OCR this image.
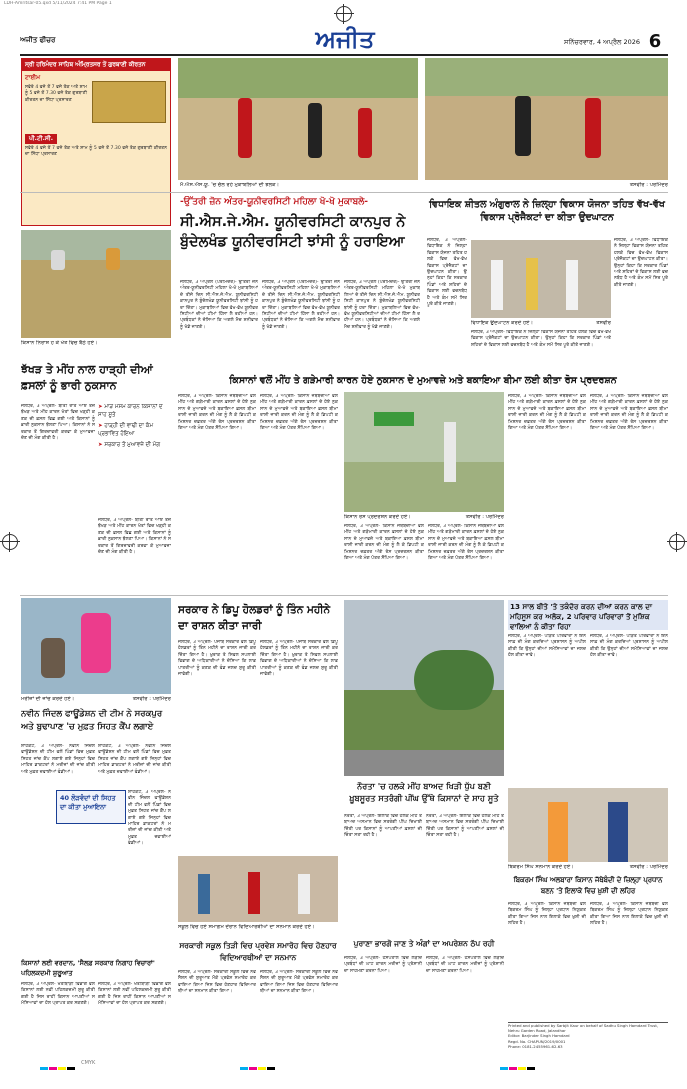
LDH-Amritsar-05.qxd 5/11/2024 7:41 PM Page 1
ਅਜੀਤ ਫੀਚਰ	ਅਜੀਤ	ਸਨਿੱਚਰਵਾਰ, 4 ਅਪ੍ਰੈਲ 2026 6
ਸ੍ਰੀ ਹਰਿਮੰਦਰ ਸਾਹਿਬ ਅੰਮ੍ਰਿਤਸਰ ਤੋਂ ਗੁਰਬਾਣੀ ਕੀਰਤਨ
ਟਾਈਮ
ਸਵੇਰੇ 4 ਵਜੇ ਤੋਂ 7 ਵਜੇ ਤੱਕ ਅਤੇ ਸ਼ਾਮ ਨੂੰ 5 ਵਜੇ ਤੋਂ 7.30 ਵਜੇ ਤੱਕ ਗੁਰਬਾਣੀ ਕੀਰਤਨ ਦਾ ਸਿੱਧਾ ਪ੍ਰਸਾਰਣ
ਪੀ.ਟੀ.ਸੀ.
ਸਵੇਰੇ 4 ਵਜੇ ਤੋਂ 7 ਵਜੇ ਤੱਕ ਅਤੇ ਸ਼ਾਮ ਨੂੰ 5 ਵਜੇ ਤੋਂ 7.30 ਵਜੇ ਤੱਕ ਗੁਰਬਾਣੀ ਕੀਰਤਨ ਦਾ ਸਿੱਧਾ ਪ੍ਰਸਾਰਣ
ਮੈ.ਐਸ.ਐਸ.ਯੂ. 'ਚ ਚੱਲ ਰਹੇ ਮੁਕਾਬਲਿਆਂ ਦੀ ਝਲਕ।	ਤਸਵੀਰ : ਪਰਮਿੰਦਰ
-ਉੱਤਰੀ ਜ਼ੋਨ ਅੰਤਰ-ਯੂਨੀਵਰਸਿਟੀ ਮਹਿਲਾ ਖੋ-ਖੋ ਮੁਕਾਬਲੇ-
ਸੀ.ਐਸ.ਜੇ.ਐਮ. ਯੂਨੀਵਰਸਿਟੀ ਕਾਨਪੁਰ ਨੇ ਬੁੰਦੇਲਖੰਡ ਯੂਨੀਵਰਸਿਟੀ ਝਾਂਸੀ ਨੂੰ ਹਰਾਇਆ
ਜਲੰਧਰ, 3 ਅਪ੍ਰੈਲ (ਪਰਮਿੰਦਰ)- ਉੱਤਰੀ ਜ਼ੋਨ ਅੰਤਰ-ਯੂਨੀਵਰਸਿਟੀ ਮਹਿਲਾ ਖੋ-ਖੋ ਮੁਕਾਬਲਿਆਂ ਦੇ ਤੀਜੇ ਦਿਨ ਸੀ.ਐਸ.ਜੇ.ਐਮ. ਯੂਨੀਵਰਸਿਟੀ ਕਾਨਪੁਰ ਨੇ ਬੁੰਦੇਲਖੰਡ ਯੂਨੀਵਰਸਿਟੀ ਝਾਂਸੀ ਨੂੰ ਹਰਾ ਦਿੱਤਾ। ਮੁਕਾਬਲਿਆਂ ਵਿਚ ਵੱਖ-ਵੱਖ ਯੂਨੀਵਰਸਿਟੀਆਂ ਦੀਆਂ ਟੀਮਾਂ ਹਿੱਸਾ ਲੈ ਰਹੀਆਂ ਹਨ। ਪ੍ਰਬੰਧਕਾਂ ਨੇ ਦੱਸਿਆ ਕਿ ਅਗਲੇ ਮੈਚ ਸ਼ਨੀਵਾਰ ਨੂੰ ਖੇਡੇ ਜਾਣਗੇ।
ਜਲੰਧਰ, 3 ਅਪ੍ਰੈਲ (ਪਰਮਿੰਦਰ)- ਉੱਤਰੀ ਜ਼ੋਨ ਅੰਤਰ-ਯੂਨੀਵਰਸਿਟੀ ਮਹਿਲਾ ਖੋ-ਖੋ ਮੁਕਾਬਲਿਆਂ ਦੇ ਤੀਜੇ ਦਿਨ ਸੀ.ਐਸ.ਜੇ.ਐਮ. ਯੂਨੀਵਰਸਿਟੀ ਕਾਨਪੁਰ ਨੇ ਬੁੰਦੇਲਖੰਡ ਯੂਨੀਵਰਸਿਟੀ ਝਾਂਸੀ ਨੂੰ ਹਰਾ ਦਿੱਤਾ। ਮੁਕਾਬਲਿਆਂ ਵਿਚ ਵੱਖ-ਵੱਖ ਯੂਨੀਵਰਸਿਟੀਆਂ ਦੀਆਂ ਟੀਮਾਂ ਹਿੱਸਾ ਲੈ ਰਹੀਆਂ ਹਨ। ਪ੍ਰਬੰਧਕਾਂ ਨੇ ਦੱਸਿਆ ਕਿ ਅਗਲੇ ਮੈਚ ਸ਼ਨੀਵਾਰ ਨੂੰ ਖੇਡੇ ਜਾਣਗੇ।
ਜਲੰਧਰ, 3 ਅਪ੍ਰੈਲ (ਪਰਮਿੰਦਰ)- ਉੱਤਰੀ ਜ਼ੋਨ ਅੰਤਰ-ਯੂਨੀਵਰਸਿਟੀ ਮਹਿਲਾ ਖੋ-ਖੋ ਮੁਕਾਬਲਿਆਂ ਦੇ ਤੀਜੇ ਦਿਨ ਸੀ.ਐਸ.ਜੇ.ਐਮ. ਯੂਨੀਵਰਸਿਟੀ ਕਾਨਪੁਰ ਨੇ ਬੁੰਦੇਲਖੰਡ ਯੂਨੀਵਰਸਿਟੀ ਝਾਂਸੀ ਨੂੰ ਹਰਾ ਦਿੱਤਾ। ਮੁਕਾਬਲਿਆਂ ਵਿਚ ਵੱਖ-ਵੱਖ ਯੂਨੀਵਰਸਿਟੀਆਂ ਦੀਆਂ ਟੀਮਾਂ ਹਿੱਸਾ ਲੈ ਰਹੀਆਂ ਹਨ। ਪ੍ਰਬੰਧਕਾਂ ਨੇ ਦੱਸਿਆ ਕਿ ਅਗਲੇ ਮੈਚ ਸ਼ਨੀਵਾਰ ਨੂੰ ਖੇਡੇ ਜਾਣਗੇ।
ਵਿਧਾਇਕ ਸ਼ੀਤਲ ਅੰਗੁਰਾਲ ਨੇ ਜ਼ਿਲ੍ਹਾ ਵਿਕਾਸ ਯੋਜਨਾ ਤਹਿਤ ਵੱਖ-ਵੱਖ ਵਿਕਾਸ ਪ੍ਰੋਜੈਕਟਾਂ ਦਾ ਕੀਤਾ ਉਦਘਾਟਨ
ਜਲੰਧਰ, 3 ਅਪ੍ਰੈਲ- ਵਿਧਾਇਕ ਨੇ ਜ਼ਿਲ੍ਹਾ ਵਿਕਾਸ ਯੋਜਨਾ ਤਹਿਤ ਹਲਕੇ ਵਿਚ ਵੱਖ-ਵੱਖ ਵਿਕਾਸ ਪ੍ਰੋਜੈਕਟਾਂ ਦਾ ਉਦਘਾਟਨ ਕੀਤਾ। ਉਨ੍ਹਾਂ ਕਿਹਾ ਕਿ ਸਰਕਾਰ ਪਿੰਡਾਂ ਅਤੇ ਸ਼ਹਿਰਾਂ ਦੇ ਵਿਕਾਸ ਲਈ ਵਚਨਬੱਧ ਹੈ ਅਤੇ ਕੰਮ ਸਮੇਂ ਸਿਰ ਪੂਰੇ ਕੀਤੇ ਜਾਣਗੇ।
ਜਲੰਧਰ, 3 ਅਪ੍ਰੈਲ- ਵਿਧਾਇਕ ਨੇ ਜ਼ਿਲ੍ਹਾ ਵਿਕਾਸ ਯੋਜਨਾ ਤਹਿਤ ਹਲਕੇ ਵਿਚ ਵੱਖ-ਵੱਖ ਵਿਕਾਸ ਪ੍ਰੋਜੈਕਟਾਂ ਦਾ ਉਦਘਾਟਨ ਕੀਤਾ। ਉਨ੍ਹਾਂ ਕਿਹਾ ਕਿ ਸਰਕਾਰ ਪਿੰਡਾਂ ਅਤੇ ਸ਼ਹਿਰਾਂ ਦੇ ਵਿਕਾਸ ਲਈ ਵਚਨਬੱਧ ਹੈ ਅਤੇ ਕੰਮ ਸਮੇਂ ਸਿਰ ਪੂਰੇ ਕੀਤੇ ਜਾਣਗੇ।
ਵਿਧਾਇਕ ਉਦਘਾਟਨ ਕਰਦੇ ਹੋਏ।	ਤਸਵੀਰ
ਜਲੰਧਰ, 3 ਅਪ੍ਰੈਲ- ਵਿਧਾਇਕ ਨੇ ਜ਼ਿਲ੍ਹਾ ਵਿਕਾਸ ਯੋਜਨਾ ਤਹਿਤ ਹਲਕੇ ਵਿਚ ਵੱਖ-ਵੱਖ ਵਿਕਾਸ ਪ੍ਰੋਜੈਕਟਾਂ ਦਾ ਉਦਘਾਟਨ ਕੀਤਾ। ਉਨ੍ਹਾਂ ਕਿਹਾ ਕਿ ਸਰਕਾਰ ਪਿੰਡਾਂ ਅਤੇ ਸ਼ਹਿਰਾਂ ਦੇ ਵਿਕਾਸ ਲਈ ਵਚਨਬੱਧ ਹੈ ਅਤੇ ਕੰਮ ਸਮੇਂ ਸਿਰ ਪੂਰੇ ਕੀਤੇ ਜਾਣਗੇ।
ਕਿਸਾਨ ਨਿਰਾਸ਼ ਹੋ ਕੇ ਖੇਤ ਵਿਚ ਬੈਠੇ ਹੋਏ।
ਝੱਖੜ ਤੇ ਮੀਂਹ ਨਾਲ ਹਾੜ੍ਹੀ ਦੀਆਂ ਫ਼ਸਲਾਂ ਨੂੰ ਭਾਰੀ ਨੁਕਸਾਨ
ਜਲੰਧਰ, 3 ਅਪ੍ਰੈਲ- ਬੀਤੀ ਰਾਤ ਆਏ ਤੇਜ਼ ਝੱਖੜ ਅਤੇ ਮੀਂਹ ਕਾਰਨ ਖੇਤਾਂ ਵਿਚ ਖੜ੍ਹੀ ਕਣਕ ਦੀ ਫ਼ਸਲ ਵਿਛ ਗਈ ਅਤੇ ਕਿਸਾਨਾਂ ਨੂੰ ਭਾਰੀ ਨੁਕਸਾਨ ਝੱਲਣਾ ਪਿਆ। ਕਿਸਾਨਾਂ ਨੇ ਸਰਕਾਰ ਤੋਂ ਗਿਰਦਾਵਰੀ ਕਰਵਾ ਕੇ ਮੁਆਵਜ਼ਾ ਦੇਣ ਦੀ ਮੰਗ ਕੀਤੀ ਹੈ।
➤ ਮਾੜੇ ਮੌਸਮ ਕਾਰਨ ਕਿਸਾਨਾਂ ਦੇ ਸਾਹ ਸੂਤੇ
➤ ਹਾੜ੍ਹੀ ਦੀ ਵਾਢੀ ਦਾ ਕੰਮ ਪ੍ਰਭਾਵਿਤ ਹੋਇਆ
➤ ਸਰਕਾਰ ਤੋਂ ਮੁਆਵਜ਼ੇ ਦੀ ਮੰਗ
ਜਲੰਧਰ, 3 ਅਪ੍ਰੈਲ- ਬੀਤੀ ਰਾਤ ਆਏ ਤੇਜ਼ ਝੱਖੜ ਅਤੇ ਮੀਂਹ ਕਾਰਨ ਖੇਤਾਂ ਵਿਚ ਖੜ੍ਹੀ ਕਣਕ ਦੀ ਫ਼ਸਲ ਵਿਛ ਗਈ ਅਤੇ ਕਿਸਾਨਾਂ ਨੂੰ ਭਾਰੀ ਨੁਕਸਾਨ ਝੱਲਣਾ ਪਿਆ। ਕਿਸਾਨਾਂ ਨੇ ਸਰਕਾਰ ਤੋਂ ਗਿਰਦਾਵਰੀ ਕਰਵਾ ਕੇ ਮੁਆਵਜ਼ਾ ਦੇਣ ਦੀ ਮੰਗ ਕੀਤੀ ਹੈ।
ਕਿਸਾਨਾਂ ਵਲੋਂ ਮੀਂਹ ਤੇ ਗੜੇਮਾਰੀ ਕਾਰਨ ਹੋਏ ਨੁਕਸਾਨ ਦੇ ਮੁਆਵਜ਼ੇ ਅਤੇ ਬਕਾਇਆ ਬੀਮਾ ਲਈ ਕੀਤਾ ਰੋਸ ਪ੍ਰਦਰਸ਼ਨ
ਜਲੰਧਰ, 3 ਅਪ੍ਰੈਲ- ਕਿਸਾਨ ਜਥੇਬੰਦੀਆਂ ਵਲੋਂ ਮੀਂਹ ਅਤੇ ਗੜੇਮਾਰੀ ਕਾਰਨ ਫ਼ਸਲਾਂ ਦੇ ਹੋਏ ਨੁਕਸਾਨ ਦੇ ਮੁਆਵਜ਼ੇ ਅਤੇ ਬਕਾਇਆ ਫ਼ਸਲ ਬੀਮਾ ਰਾਸ਼ੀ ਜਾਰੀ ਕਰਨ ਦੀ ਮੰਗ ਨੂੰ ਲੈ ਕੇ ਡਿਪਟੀ ਕਮਿਸ਼ਨਰ ਦਫ਼ਤਰ ਅੱਗੇ ਰੋਸ ਪ੍ਰਦਰਸ਼ਨ ਕੀਤਾ ਗਿਆ ਅਤੇ ਮੰਗ ਪੱਤਰ ਸੌਂਪਿਆ ਗਿਆ।
ਜਲੰਧਰ, 3 ਅਪ੍ਰੈਲ- ਕਿਸਾਨ ਜਥੇਬੰਦੀਆਂ ਵਲੋਂ ਮੀਂਹ ਅਤੇ ਗੜੇਮਾਰੀ ਕਾਰਨ ਫ਼ਸਲਾਂ ਦੇ ਹੋਏ ਨੁਕਸਾਨ ਦੇ ਮੁਆਵਜ਼ੇ ਅਤੇ ਬਕਾਇਆ ਫ਼ਸਲ ਬੀਮਾ ਰਾਸ਼ੀ ਜਾਰੀ ਕਰਨ ਦੀ ਮੰਗ ਨੂੰ ਲੈ ਕੇ ਡਿਪਟੀ ਕਮਿਸ਼ਨਰ ਦਫ਼ਤਰ ਅੱਗੇ ਰੋਸ ਪ੍ਰਦਰਸ਼ਨ ਕੀਤਾ ਗਿਆ ਅਤੇ ਮੰਗ ਪੱਤਰ ਸੌਂਪਿਆ ਗਿਆ।
ਕਿਸਾਨ ਰੋਸ ਪ੍ਰਦਰਸ਼ਨ ਕਰਦੇ ਹੋਏ।	ਤਸਵੀਰ : ਪਰਮਿੰਦਰ
ਜਲੰਧਰ, 3 ਅਪ੍ਰੈਲ- ਕਿਸਾਨ ਜਥੇਬੰਦੀਆਂ ਵਲੋਂ ਮੀਂਹ ਅਤੇ ਗੜੇਮਾਰੀ ਕਾਰਨ ਫ਼ਸਲਾਂ ਦੇ ਹੋਏ ਨੁਕਸਾਨ ਦੇ ਮੁਆਵਜ਼ੇ ਅਤੇ ਬਕਾਇਆ ਫ਼ਸਲ ਬੀਮਾ ਰਾਸ਼ੀ ਜਾਰੀ ਕਰਨ ਦੀ ਮੰਗ ਨੂੰ ਲੈ ਕੇ ਡਿਪਟੀ ਕਮਿਸ਼ਨਰ ਦਫ਼ਤਰ ਅੱਗੇ ਰੋਸ ਪ੍ਰਦਰਸ਼ਨ ਕੀਤਾ ਗਿਆ ਅਤੇ ਮੰਗ ਪੱਤਰ ਸੌਂਪਿਆ ਗਿਆ।
ਜਲੰਧਰ, 3 ਅਪ੍ਰੈਲ- ਕਿਸਾਨ ਜਥੇਬੰਦੀਆਂ ਵਲੋਂ ਮੀਂਹ ਅਤੇ ਗੜੇਮਾਰੀ ਕਾਰਨ ਫ਼ਸਲਾਂ ਦੇ ਹੋਏ ਨੁਕਸਾਨ ਦੇ ਮੁਆਵਜ਼ੇ ਅਤੇ ਬਕਾਇਆ ਫ਼ਸਲ ਬੀਮਾ ਰਾਸ਼ੀ ਜਾਰੀ ਕਰਨ ਦੀ ਮੰਗ ਨੂੰ ਲੈ ਕੇ ਡਿਪਟੀ ਕਮਿਸ਼ਨਰ ਦਫ਼ਤਰ ਅੱਗੇ ਰੋਸ ਪ੍ਰਦਰਸ਼ਨ ਕੀਤਾ ਗਿਆ ਅਤੇ ਮੰਗ ਪੱਤਰ ਸੌਂਪਿਆ ਗਿਆ।
ਜਲੰਧਰ, 3 ਅਪ੍ਰੈਲ- ਕਿਸਾਨ ਜਥੇਬੰਦੀਆਂ ਵਲੋਂ ਮੀਂਹ ਅਤੇ ਗੜੇਮਾਰੀ ਕਾਰਨ ਫ਼ਸਲਾਂ ਦੇ ਹੋਏ ਨੁਕਸਾਨ ਦੇ ਮੁਆਵਜ਼ੇ ਅਤੇ ਬਕਾਇਆ ਫ਼ਸਲ ਬੀਮਾ ਰਾਸ਼ੀ ਜਾਰੀ ਕਰਨ ਦੀ ਮੰਗ ਨੂੰ ਲੈ ਕੇ ਡਿਪਟੀ ਕਮਿਸ਼ਨਰ ਦਫ਼ਤਰ ਅੱਗੇ ਰੋਸ ਪ੍ਰਦਰਸ਼ਨ ਕੀਤਾ ਗਿਆ ਅਤੇ ਮੰਗ ਪੱਤਰ ਸੌਂਪਿਆ ਗਿਆ।
ਜਲੰਧਰ, 3 ਅਪ੍ਰੈਲ- ਕਿਸਾਨ ਜਥੇਬੰਦੀਆਂ ਵਲੋਂ ਮੀਂਹ ਅਤੇ ਗੜੇਮਾਰੀ ਕਾਰਨ ਫ਼ਸਲਾਂ ਦੇ ਹੋਏ ਨੁਕਸਾਨ ਦੇ ਮੁਆਵਜ਼ੇ ਅਤੇ ਬਕਾਇਆ ਫ਼ਸਲ ਬੀਮਾ ਰਾਸ਼ੀ ਜਾਰੀ ਕਰਨ ਦੀ ਮੰਗ ਨੂੰ ਲੈ ਕੇ ਡਿਪਟੀ ਕਮਿਸ਼ਨਰ ਦਫ਼ਤਰ ਅੱਗੇ ਰੋਸ ਪ੍ਰਦਰਸ਼ਨ ਕੀਤਾ ਗਿਆ ਅਤੇ ਮੰਗ ਪੱਤਰ ਸੌਂਪਿਆ ਗਿਆ।
ਮਰੀਜ਼ਾਂ ਦੀ ਜਾਂਚ ਕਰਦੇ ਹੋਏ।	ਤਸਵੀਰ : ਪਰਮਿੰਦਰ
ਨਵੀਨ ਜਿੰਦਲ ਫਾਊਂਡੇਸ਼ਨ ਦੀ ਟੀਮ ਨੇ ਸਰਕਪੁਰ ਅਤੇ ਬੁਢਾਪਾਣ 'ਚ ਮੁਫ਼ਤ ਸਿਹਤ ਕੈਂਪ ਲਗਾਏ
ਸ਼ਾਹਕੋਟ, 3 ਅਪ੍ਰੈਲ- ਨਵੀਨ ਜਿੰਦਲ ਫਾਊਂਡੇਸ਼ਨ ਦੀ ਟੀਮ ਵਲੋਂ ਪਿੰਡਾਂ ਵਿਚ ਮੁਫ਼ਤ ਸਿਹਤ ਜਾਂਚ ਕੈਂਪ ਲਗਾਏ ਗਏ ਜਿਨ੍ਹਾਂ ਵਿਚ ਮਾਹਿਰ ਡਾਕਟਰਾਂ ਨੇ ਮਰੀਜ਼ਾਂ ਦੀ ਜਾਂਚ ਕੀਤੀ ਅਤੇ ਮੁਫ਼ਤ ਦਵਾਈਆਂ ਵੰਡੀਆਂ।
40 ਲੋੜਵੰਦਾਂ ਦੀ ਸਿਹਤ ਦਾ ਕੀਤਾ ਮੁਆਇਨਾ
ਸ਼ਾਹਕੋਟ, 3 ਅਪ੍ਰੈਲ- ਨਵੀਨ ਜਿੰਦਲ ਫਾਊਂਡੇਸ਼ਨ ਦੀ ਟੀਮ ਵਲੋਂ ਪਿੰਡਾਂ ਵਿਚ ਮੁਫ਼ਤ ਸਿਹਤ ਜਾਂਚ ਕੈਂਪ ਲਗਾਏ ਗਏ ਜਿਨ੍ਹਾਂ ਵਿਚ ਮਾਹਿਰ ਡਾਕਟਰਾਂ ਨੇ ਮਰੀਜ਼ਾਂ ਦੀ ਜਾਂਚ ਕੀਤੀ ਅਤੇ ਮੁਫ਼ਤ ਦਵਾਈਆਂ ਵੰਡੀਆਂ।
ਸ਼ਾਹਕੋਟ, 3 ਅਪ੍ਰੈਲ- ਨਵੀਨ ਜਿੰਦਲ ਫਾਊਂਡੇਸ਼ਨ ਦੀ ਟੀਮ ਵਲੋਂ ਪਿੰਡਾਂ ਵਿਚ ਮੁਫ਼ਤ ਸਿਹਤ ਜਾਂਚ ਕੈਂਪ ਲਗਾਏ ਗਏ ਜਿਨ੍ਹਾਂ ਵਿਚ ਮਾਹਿਰ ਡਾਕਟਰਾਂ ਨੇ ਮਰੀਜ਼ਾਂ ਦੀ ਜਾਂਚ ਕੀਤੀ ਅਤੇ ਮੁਫ਼ਤ ਦਵਾਈਆਂ ਵੰਡੀਆਂ।
ਸਰਕਾਰ ਨੇ ਡਿਪੂ ਹੋਲਡਰਾਂ ਨੂੰ ਤਿੰਨ ਮਹੀਨੇ ਦਾ ਰਾਸ਼ਨ ਕੀਤਾ ਜਾਰੀ
ਜਲੰਧਰ, 3 ਅਪ੍ਰੈਲ- ਪੰਜਾਬ ਸਰਕਾਰ ਵਲੋਂ ਡਿਪੂ ਹੋਲਡਰਾਂ ਨੂੰ ਤਿੰਨ ਮਹੀਨੇ ਦਾ ਰਾਸ਼ਨ ਜਾਰੀ ਕਰ ਦਿੱਤਾ ਗਿਆ ਹੈ। ਖ਼ੁਰਾਕ ਤੇ ਸਿਵਲ ਸਪਲਾਈ ਵਿਭਾਗ ਦੇ ਅਧਿਕਾਰੀਆਂ ਨੇ ਦੱਸਿਆ ਕਿ ਲਾਭਪਾਤਰੀਆਂ ਨੂੰ ਕਣਕ ਦੀ ਵੰਡ ਜਲਦ ਸ਼ੁਰੂ ਕੀਤੀ ਜਾਵੇਗੀ।
ਜਲੰਧਰ, 3 ਅਪ੍ਰੈਲ- ਪੰਜਾਬ ਸਰਕਾਰ ਵਲੋਂ ਡਿਪੂ ਹੋਲਡਰਾਂ ਨੂੰ ਤਿੰਨ ਮਹੀਨੇ ਦਾ ਰਾਸ਼ਨ ਜਾਰੀ ਕਰ ਦਿੱਤਾ ਗਿਆ ਹੈ। ਖ਼ੁਰਾਕ ਤੇ ਸਿਵਲ ਸਪਲਾਈ ਵਿਭਾਗ ਦੇ ਅਧਿਕਾਰੀਆਂ ਨੇ ਦੱਸਿਆ ਕਿ ਲਾਭਪਾਤਰੀਆਂ ਨੂੰ ਕਣਕ ਦੀ ਵੰਡ ਜਲਦ ਸ਼ੁਰੂ ਕੀਤੀ ਜਾਵੇਗੀ।
ਨੌਰਤਾ 'ਚ ਹਲਕੇ ਮੀਂਹ ਬਾਅਦ ਖਿੜੀ ਧੁੱਪ ਬਣੀ ਖ਼ੂਬਸੂਰਤ ਸਤਰੰਗੀ ਪੀਂਘ ਉੱਥੇ ਕਿਸਾਨਾਂ ਦੇ ਸਾਹ ਸੂਤੇ
ਨੌਰਤਾ, 3 ਅਪ੍ਰੈਲ- ਇਲਾਕੇ ਵਿਚ ਹਲਕੇ ਮੀਂਹ ਤੋਂ ਬਾਅਦ ਅਸਮਾਨ ਵਿਚ ਸਤਰੰਗੀ ਪੀਂਘ ਦਿਖਾਈ ਦਿੱਤੀ ਪਰ ਕਿਸਾਨਾਂ ਨੂੰ ਆਪਣੀਆਂ ਫ਼ਸਲਾਂ ਦੀ ਚਿੰਤਾ ਸਤਾ ਰਹੀ ਹੈ।
ਨੌਰਤਾ, 3 ਅਪ੍ਰੈਲ- ਇਲਾਕੇ ਵਿਚ ਹਲਕੇ ਮੀਂਹ ਤੋਂ ਬਾਅਦ ਅਸਮਾਨ ਵਿਚ ਸਤਰੰਗੀ ਪੀਂਘ ਦਿਖਾਈ ਦਿੱਤੀ ਪਰ ਕਿਸਾਨਾਂ ਨੂੰ ਆਪਣੀਆਂ ਫ਼ਸਲਾਂ ਦੀ ਚਿੰਤਾ ਸਤਾ ਰਹੀ ਹੈ।
13 ਸਾਲ ਬੀਤੇ 'ਤੇ ਤਕੰਦੋਰ ਕਰਨ ਦੀਆਂ ਕਰਨ ਕਾਲ ਦਾ ਮਹਿਸੂਸ ਕਰ ਅਲੋਕ, 2 ਪਰਿਵਾਰ ਪਰਿਵਾਰਾਂ ਤੋਂ ਮੁਸ਼ਿਕ ਵਾਲਿਆਂ ਨੂੰ ਕੀਤਾ ਰਿਹਾ
ਜਲੰਧਰ, 3 ਅਪ੍ਰੈਲ- ਪੀੜਤ ਪਰਿਵਾਰਾਂ ਨੇ ਇਨਸਾਫ਼ ਦੀ ਮੰਗ ਕਰਦਿਆਂ ਪ੍ਰਸ਼ਾਸਨ ਨੂੰ ਅਪੀਲ ਕੀਤੀ ਕਿ ਉਨ੍ਹਾਂ ਦੀਆਂ ਸਮੱਸਿਆਵਾਂ ਦਾ ਜਲਦ ਹੱਲ ਕੀਤਾ ਜਾਵੇ।
ਜਲੰਧਰ, 3 ਅਪ੍ਰੈਲ- ਪੀੜਤ ਪਰਿਵਾਰਾਂ ਨੇ ਇਨਸਾਫ਼ ਦੀ ਮੰਗ ਕਰਦਿਆਂ ਪ੍ਰਸ਼ਾਸਨ ਨੂੰ ਅਪੀਲ ਕੀਤੀ ਕਿ ਉਨ੍ਹਾਂ ਦੀਆਂ ਸਮੱਸਿਆਵਾਂ ਦਾ ਜਲਦ ਹੱਲ ਕੀਤਾ ਜਾਵੇ।
ਬਿਕਰਮ ਸਿੰਘ ਸਨਮਾਨ ਕਰਦੇ ਹੋਏ।	ਤਸਵੀਰ : ਪਰਮਿੰਦਰ
ਬਿਕਰਮ ਸਿੰਘ ਅਲਬਾਰਾ ਕਿਸਾਨ ਜੱਥੇਬੰਦੀ ਦੇ ਜ਼ਿਲ੍ਹਾ ਪ੍ਰਧਾਨ ਬਣਨ 'ਤੇ ਇਲਾਕੇ ਵਿਚ ਖ਼ੁਸ਼ੀ ਦੀ ਲਹਿਰ
ਜਲੰਧਰ, 3 ਅਪ੍ਰੈਲ- ਕਿਸਾਨ ਜਥੇਬੰਦੀ ਵਲੋਂ ਬਿਕਰਮ ਸਿੰਘ ਨੂੰ ਜ਼ਿਲ੍ਹਾ ਪ੍ਰਧਾਨ ਨਿਯੁਕਤ ਕੀਤਾ ਗਿਆ ਜਿਸ ਨਾਲ ਇਲਾਕੇ ਵਿਚ ਖ਼ੁਸ਼ੀ ਦੀ ਲਹਿਰ ਹੈ।
ਜਲੰਧਰ, 3 ਅਪ੍ਰੈਲ- ਕਿਸਾਨ ਜਥੇਬੰਦੀ ਵਲੋਂ ਬਿਕਰਮ ਸਿੰਘ ਨੂੰ ਜ਼ਿਲ੍ਹਾ ਪ੍ਰਧਾਨ ਨਿਯੁਕਤ ਕੀਤਾ ਗਿਆ ਜਿਸ ਨਾਲ ਇਲਾਕੇ ਵਿਚ ਖ਼ੁਸ਼ੀ ਦੀ ਲਹਿਰ ਹੈ।
ਸਕੂਲ ਵਿਚ ਹੋਏ ਸਮਾਗਮ ਦੌਰਾਨ ਵਿਦਿਆਰਥੀਆਂ ਦਾ ਸਨਮਾਨ ਕਰਦੇ ਹੋਏ।
ਸਰਕਾਰੀ ਸਕੂਲ ਤਿੜੀ ਵਿਚ ਪ੍ਰਵੇਸ਼ ਸਮਾਰੋਹ ਵਿਚ ਹੋਣਹਾਰ ਵਿਦਿਆਰਥੀਆਂ ਦਾ ਸਨਮਾਨ
ਜਲੰਧਰ, 3 ਅਪ੍ਰੈਲ- ਸਰਕਾਰੀ ਸਕੂਲ ਵਿਚ ਨਵੇਂ ਸੈਸ਼ਨ ਦੀ ਸ਼ੁਰੂਆਤ ਮੌਕੇ ਪ੍ਰਵੇਸ਼ ਸਮਾਰੋਹ ਕਰਵਾਇਆ ਗਿਆ ਜਿਸ ਵਿਚ ਹੋਣਹਾਰ ਵਿਦਿਆਰਥੀਆਂ ਦਾ ਸਨਮਾਨ ਕੀਤਾ ਗਿਆ।
ਜਲੰਧਰ, 3 ਅਪ੍ਰੈਲ- ਸਰਕਾਰੀ ਸਕੂਲ ਵਿਚ ਨਵੇਂ ਸੈਸ਼ਨ ਦੀ ਸ਼ੁਰੂਆਤ ਮੌਕੇ ਪ੍ਰਵੇਸ਼ ਸਮਾਰੋਹ ਕਰਵਾਇਆ ਗਿਆ ਜਿਸ ਵਿਚ ਹੋਣਹਾਰ ਵਿਦਿਆਰਥੀਆਂ ਦਾ ਸਨਮਾਨ ਕੀਤਾ ਗਿਆ।
ਪੁਰਾਣਾ ਭਾਰਗੋ ਜਾਣ ਤੇ ਅੰਗਾਂ ਦਾ ਅਪਰੇਸ਼ਨ ਠੱਪ ਰਹੀ
ਜਲੰਧਰ, 3 ਅਪ੍ਰੈਲ- ਹਸਪਤਾਲ ਵਿਚ ਲੋੜੀਂਦੇ ਪ੍ਰਬੰਧਾਂ ਦੀ ਘਾਟ ਕਾਰਨ ਮਰੀਜ਼ਾਂ ਨੂੰ ਪ੍ਰੇਸ਼ਾਨੀ ਦਾ ਸਾਹਮਣਾ ਕਰਨਾ ਪਿਆ।
ਜਲੰਧਰ, 3 ਅਪ੍ਰੈਲ- ਹਸਪਤਾਲ ਵਿਚ ਲੋੜੀਂਦੇ ਪ੍ਰਬੰਧਾਂ ਦੀ ਘਾਟ ਕਾਰਨ ਮਰੀਜ਼ਾਂ ਨੂੰ ਪ੍ਰੇਸ਼ਾਨੀ ਦਾ ਸਾਹਮਣਾ ਕਰਨਾ ਪਿਆ।
ਕਿਸਾਨਾਂ ਲਈ ਵਰਦਾਨ, 'ਸੈਲਫ਼ ਸਰਕਾਰ ਨਿਗਾਹ ਵਿਚਾਰਾਂ' ਪਹਿਲਕਦਮੀ ਸ਼ੁਰੂਆਤ
ਜਲੰਧਰ, 3 ਅਪ੍ਰੈਲ- ਖੇਤੀਬਾੜੀ ਵਿਭਾਗ ਵਲੋਂ ਕਿਸਾਨਾਂ ਲਈ ਨਵੀਂ ਪਹਿਲਕਦਮੀ ਸ਼ੁਰੂ ਕੀਤੀ ਗਈ ਹੈ ਜਿਸ ਰਾਹੀਂ ਕਿਸਾਨ ਆਪਣੀਆਂ ਸਮੱਸਿਆਵਾਂ ਦਾ ਹੱਲ ਪ੍ਰਾਪਤ ਕਰ ਸਕਣਗੇ।
ਜਲੰਧਰ, 3 ਅਪ੍ਰੈਲ- ਖੇਤੀਬਾੜੀ ਵਿਭਾਗ ਵਲੋਂ ਕਿਸਾਨਾਂ ਲਈ ਨਵੀਂ ਪਹਿਲਕਦਮੀ ਸ਼ੁਰੂ ਕੀਤੀ ਗਈ ਹੈ ਜਿਸ ਰਾਹੀਂ ਕਿਸਾਨ ਆਪਣੀਆਂ ਸਮੱਸਿਆਵਾਂ ਦਾ ਹੱਲ ਪ੍ਰਾਪਤ ਕਰ ਸਕਣਗੇ।
Printed and published by Sarbjit Kaur on behalf of Sadhu Singh Hamdard Trust, Nehru Garden Road, Jalandhar
Editor: Barjinder Singh Hamdard
Regd. No. CHAPUN/2019/0001
Phone: 0181-2455961-62-63
$^{CMYK}$
